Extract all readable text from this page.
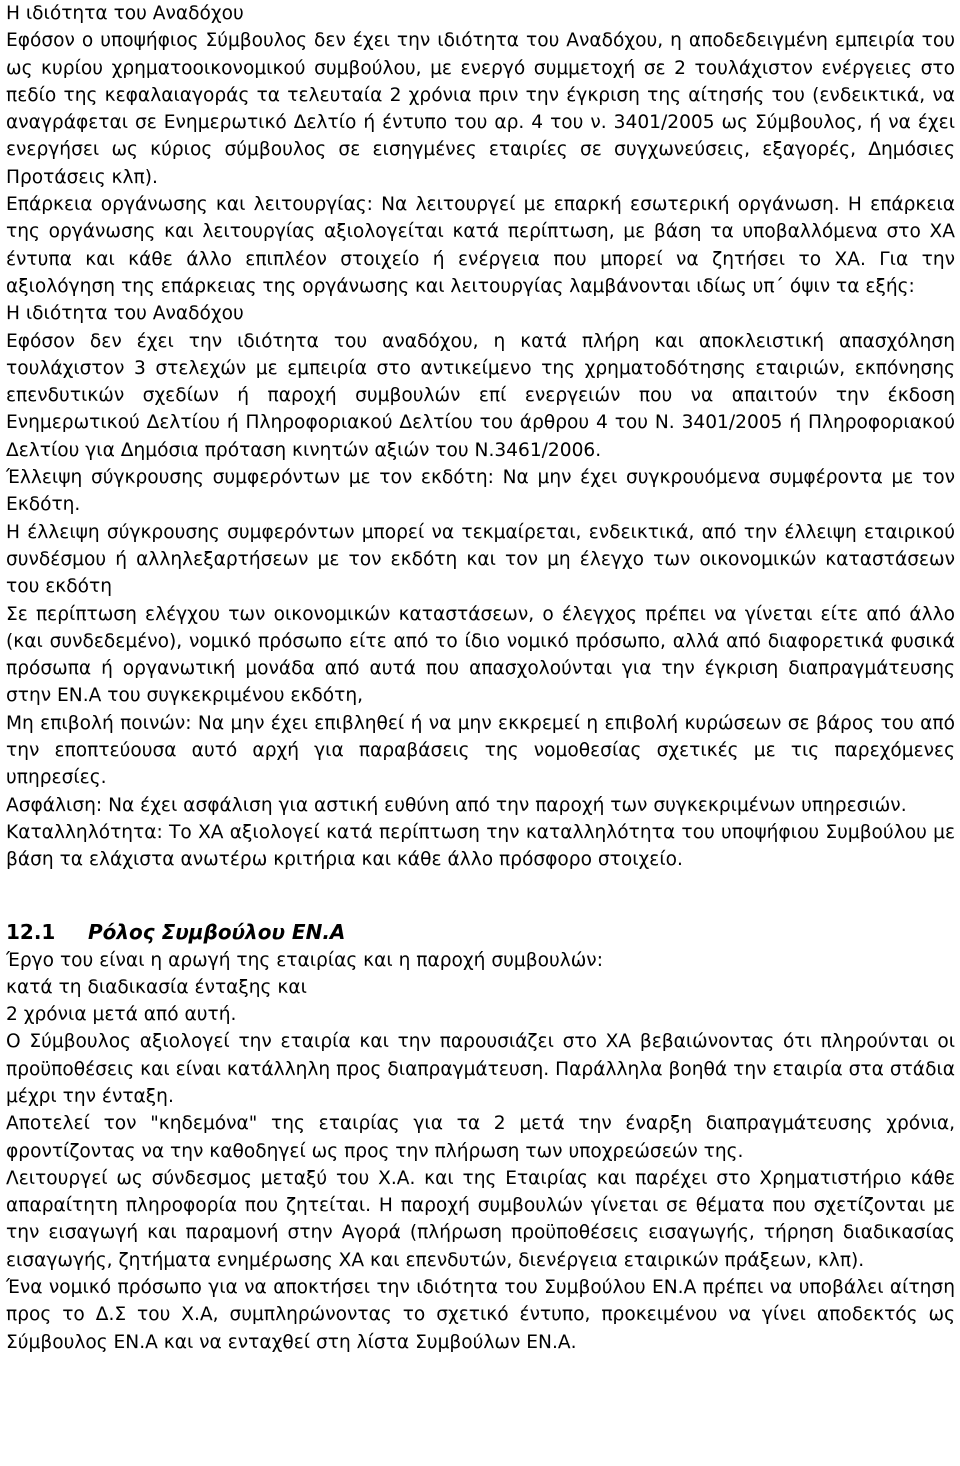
Η ιδιότητα του Αναδόχου
Εφόσον ο υποψήφιος Σύμβουλος δεν έχει την ιδιότητα του Αναδόχου, η αποδεδειγμένη εμπειρία του ως κυρίου χρηματοοικονομικού συμβούλου, με ενεργό συμμετοχή σε 2 τουλάχιστον ενέργειες στο πεδίο της κεφαλαιαγοράς τα τελευταία 2 χρόνια πριν την έγκριση της αίτησής του (ενδεικτικά, να αναγράφεται σε Ενημερωτικό Δελτίο ή έντυπο του αρ. 4 του ν. 3401/2005 ως Σύμβουλος, ή να έχει ενεργήσει ως κύριος σύμβουλος σε εισηγμένες εταιρίες σε συγχωνεύσεις, εξαγορές, Δημόσιες Προτάσεις κλπ).
Επάρκεια οργάνωσης και λειτουργίας: Να λειτουργεί με επαρκή εσωτερική οργάνωση. Η επάρκεια της οργάνωσης και λειτουργίας αξιολογείται κατά περίπτωση, με βάση τα υποβαλλόμενα στο ΧΑ έντυπα και κάθε άλλο επιπλέον στοιχείο ή ενέργεια που μπορεί να ζητήσει το ΧΑ. Για την αξιολόγηση της επάρκειας της οργάνωσης και λειτουργίας λαμβάνονται ιδίως υπ΄ όψιν τα εξής:
Η ιδιότητα του Αναδόχου
Εφόσον δεν έχει την ιδιότητα του αναδόχου, η κατά πλήρη και αποκλειστική απασχόληση τουλάχιστον 3 στελεχών με εμπειρία στο αντικείμενο της χρηματοδότησης εταιριών, εκπόνησης επενδυτικών σχεδίων ή παροχή συμβουλών επί ενεργειών που να απαιτούν την έκδοση Ενημερωτικού Δελτίου ή Πληροφοριακού Δελτίου του άρθρου 4 του Ν. 3401/2005 ή Πληροφοριακού Δελτίου για Δημόσια πρόταση κινητών αξιών του Ν.3461/2006.
Έλλειψη σύγκρουσης συμφερόντων με τον εκδότη: Να μην έχει συγκρουόμενα συμφέροντα με τον Εκδότη.
Η έλλειψη σύγκρουσης συμφερόντων μπορεί να τεκμαίρεται, ενδεικτικά, από την έλλειψη εταιρικού συνδέσμου ή αλληλεξαρτήσεων με τον εκδότη και τον μη έλεγχο των οικονομικών καταστάσεων του εκδότη
Σε περίπτωση ελέγχου των οικονομικών καταστάσεων, ο έλεγχος πρέπει να γίνεται είτε από άλλο (και συνδεδεμένο), νομικό πρόσωπο είτε από το ίδιο νομικό πρόσωπο, αλλά από διαφορετικά φυσικά πρόσωπα ή οργανωτική μονάδα από αυτά που απασχολούνται για την έγκριση διαπραγμάτευσης στην ΕΝ.Α του συγκεκριμένου εκδότη,
Μη επιβολή ποινών: Να μην έχει επιβληθεί ή να μην εκκρεμεί η επιβολή κυρώσεων σε βάρος του από την εποπτεύουσα αυτό αρχή για παραβάσεις της νομοθεσίας σχετικές με τις παρεχόμενες υπηρεσίες.
Ασφάλιση: Να έχει ασφάλιση για αστική ευθύνη από την παροχή των συγκεκριμένων υπηρεσιών.
Καταλληλότητα: Το ΧΑ αξιολογεί κατά περίπτωση την καταλληλότητα του υποψήφιου Συμβούλου με βάση τα ελάχιστα ανωτέρω κριτήρια και κάθε άλλο πρόσφορο στοιχείο.
12.1 Ρόλος Συμβούλου ΕΝ.Α
Έργο του είναι η αρωγή της εταιρίας και η παροχή συμβουλών:
κατά τη διαδικασία ένταξης και
2 χρόνια μετά από αυτή.
Ο Σύμβουλος αξιολογεί την εταιρία και την παρουσιάζει στο ΧΑ βεβαιώνοντας ότι πληρούνται οι προϋποθέσεις και είναι κατάλληλη προς διαπραγμάτευση. Παράλληλα βοηθά την εταιρία στα στάδια μέχρι την ένταξη.
Αποτελεί τον "κηδεμόνα" της εταιρίας για τα 2 μετά την έναρξη διαπραγμάτευσης χρόνια, φροντίζοντας να την καθοδηγεί ως προς την πλήρωση των υποχρεώσεών της.
Λειτουργεί ως σύνδεσμος μεταξύ του Χ.Α. και της Εταιρίας και παρέχει στο Χρηματιστήριο κάθε απαραίτητη πληροφορία που ζητείται. Η παροχή συμβουλών γίνεται σε θέματα που σχετίζονται με την εισαγωγή και παραμονή στην Αγορά (πλήρωση προϋποθέσεις εισαγωγής, τήρηση διαδικασίας εισαγωγής, ζητήματα ενημέρωσης ΧΑ και επενδυτών, διενέργεια εταιρικών πράξεων, κλπ).
Ένα νομικό πρόσωπο για να αποκτήσει την ιδιότητα του Συμβούλου ΕΝ.Α πρέπει να υποβάλει αίτηση προς το Δ.Σ του Χ.Α, συμπληρώνοντας το σχετικό έντυπο, προκειμένου να γίνει αποδεκτός ως Σύμβουλος ΕΝ.Α και να ενταχθεί στη λίστα Συμβούλων ΕΝ.Α.
